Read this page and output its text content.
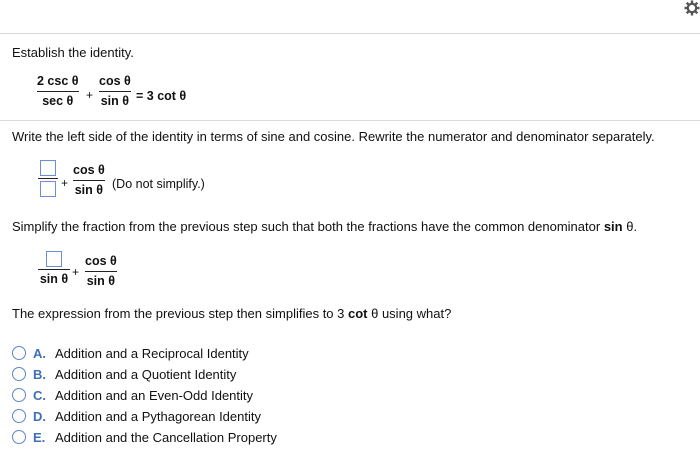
Establish the identity.
2 csc θ
sec θ +
cos θ
sin θ = 3 cot θ
Write the left side of the identity in terms of sine and cosine. Rewrite the numerator and denominator separately.
+
cos θ
sin θ (Do not simplify.)
Simplify the fraction from the previous step such that both the fractions have the common denominator sin θ.
sin θ +
cos θ
sin θ
The expression from the previous step then simplifies to 3 cot θ using what?
A. Addition and a Reciprocal Identity
B. Addition and a Quotient Identity
C. Addition and an Even-Odd Identity
D. Addition and a Pythagorean Identity
E. Addition and the Cancellation Property
